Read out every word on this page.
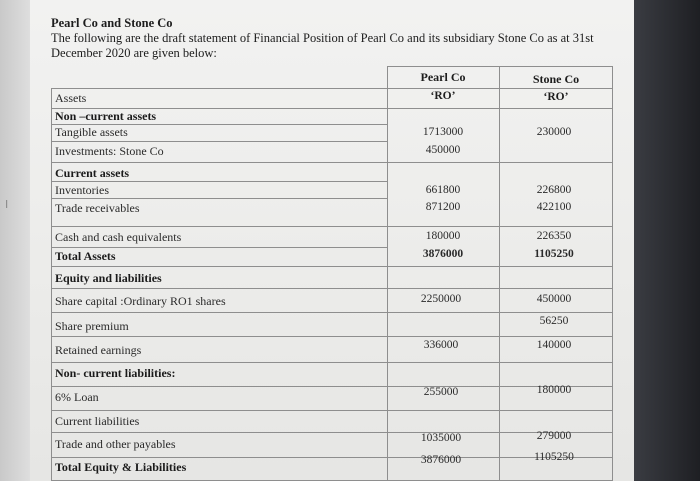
I
Pearl Co and Stone Co
The following are the draft statement of Financial Position of Pearl Co and its subsidiary Stone Co as at 31st December 2020 are given below:
Pearl Co
‘RO’
Stone Co
‘RO’
Assets
Non –current assets
Tangible assets
Investments: Stone Co
Current assets
Inventories
Trade receivables
Cash and cash equivalents
Total Assets
Equity and liabilities
Share capital :Ordinary RO1 shares
Share premium
Retained earnings
Non- current liabilities:
6% Loan
Current liabilities
Trade and other payables
Total Equity & Liabilities
1713000
450000
661800
871200
180000
3876000
2250000
336000
255000
1035000
3876000
230000
226800
422100
226350
1105250
450000
56250
140000
180000
279000
1105250
